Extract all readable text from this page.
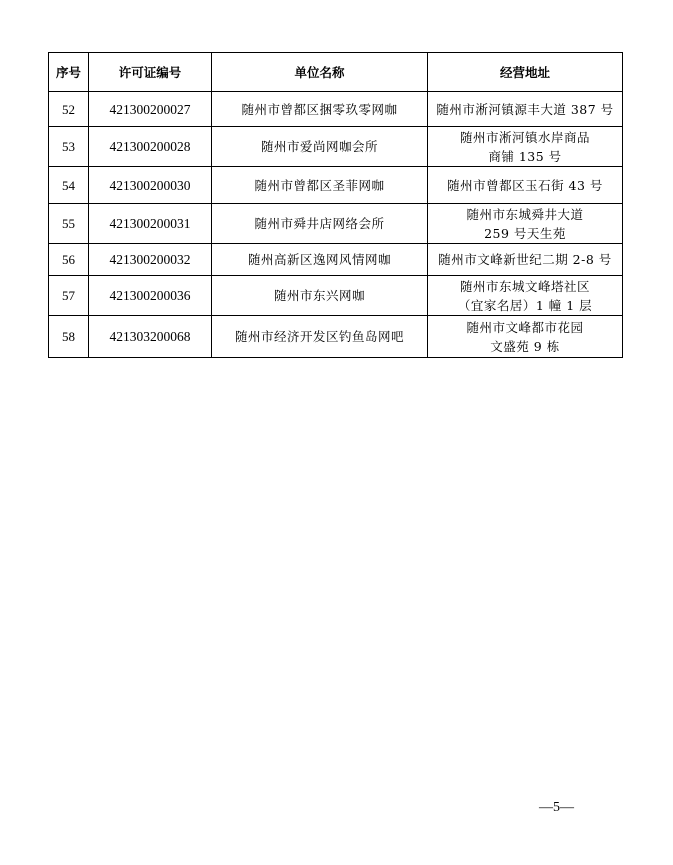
序号	许可证编号	单位名称	经营地址
52	421300200027	随州市曾都区捆零玖零网咖	随州市淅河镇源丰大道 387 号

53	421300200028	随州市爱尚网咖会所	随州市淅河镇水岸商品
商铺 135 号

54	421300200030	随州市曾都区圣菲网咖	随州市曾都区玉石街 43 号

55	421300200031	随州市舜井店网络会所	随州市东城舜井大道
259 号天生苑

56	421300200032	随州高新区逸网风情网咖	随州市文峰新世纪二期 2-8 号

57	421300200036	随州市东兴网咖	随州市东城文峰塔社区
（宜家名居）1 幢 1 层

58	421303200068	随州市经济开发区钓鱼岛网吧	随州市文峰都市花园
文盛苑 9 栋
—5—
